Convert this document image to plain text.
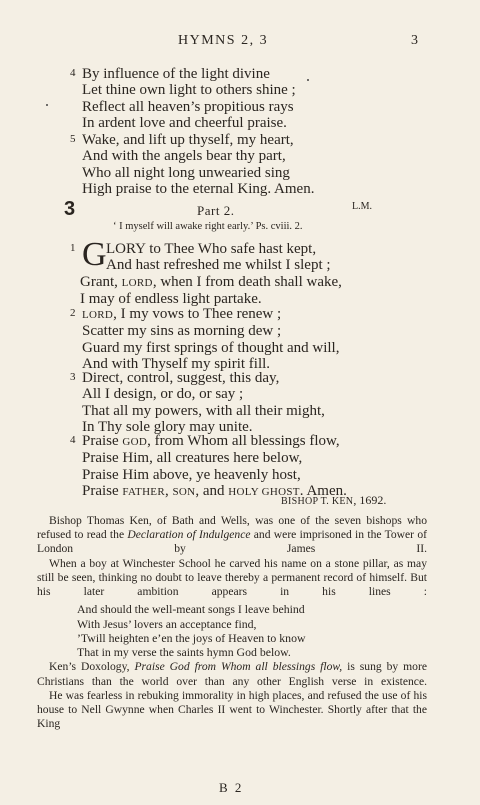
HYMNS 2, 3	3
4 By influence of the light divine
Let thine own light to others shine ;
Reflect all heaven’s propitious rays
In ardent love and cheerful praise.
5 Wake, and lift up thyself, my heart,
And with the angels bear thy part,
Who all night long unwearied sing
High praise to the eternal King. Amen.
3	Part 2.	L.M.
‘ I myself will awake right early.’ Ps. cviii. 2.
1 G LORY to Thee Who safe hast kept,
And hast refreshed me whilst I slept ;
Grant, LORD, when I from death shall wake,
I may of endless light partake.
2 LORD, I my vows to Thee renew ;
Scatter my sins as morning dew ;
Guard my first springs of thought and will,
And with Thyself my spirit fill.
3 Direct, control, suggest, this day,
All I design, or do, or say ;
That all my powers, with all their might,
In Thy sole glory may unite.
4 Praise GOD, from Whom all blessings flow,
Praise Him, all creatures here below,
Praise Him above, ye heavenly host,
Praise FATHER, SON, and HOLY GHOST. Amen.
BISHOP T. KEN, 1692.

Bishop Thomas Ken, of Bath and Wells, was one of the seven bishops who refused to read the Declaration of Indulgence and were imprisoned in the Tower of London by James II.

When a boy at Winchester School he carved his name on a stone pillar, as may still be seen, thinking no doubt to leave thereby a permanent record of himself. But his later ambition appears in his lines :

And should the well-meant songs I leave behind
With Jesus’ lovers an acceptance find,
’Twill heighten e’en the joys of Heaven to know
That in my verse the saints hymn God below.

Ken’s Doxology, Praise God from Whom all blessings flow, is sung by more Christians than the world over than any other English verse in existence.

He was fearless in rebuking immorality in high places, and refused the use of his house to Nell Gwynne when Charles II went to Winchester. Shortly after that the King

B 2
